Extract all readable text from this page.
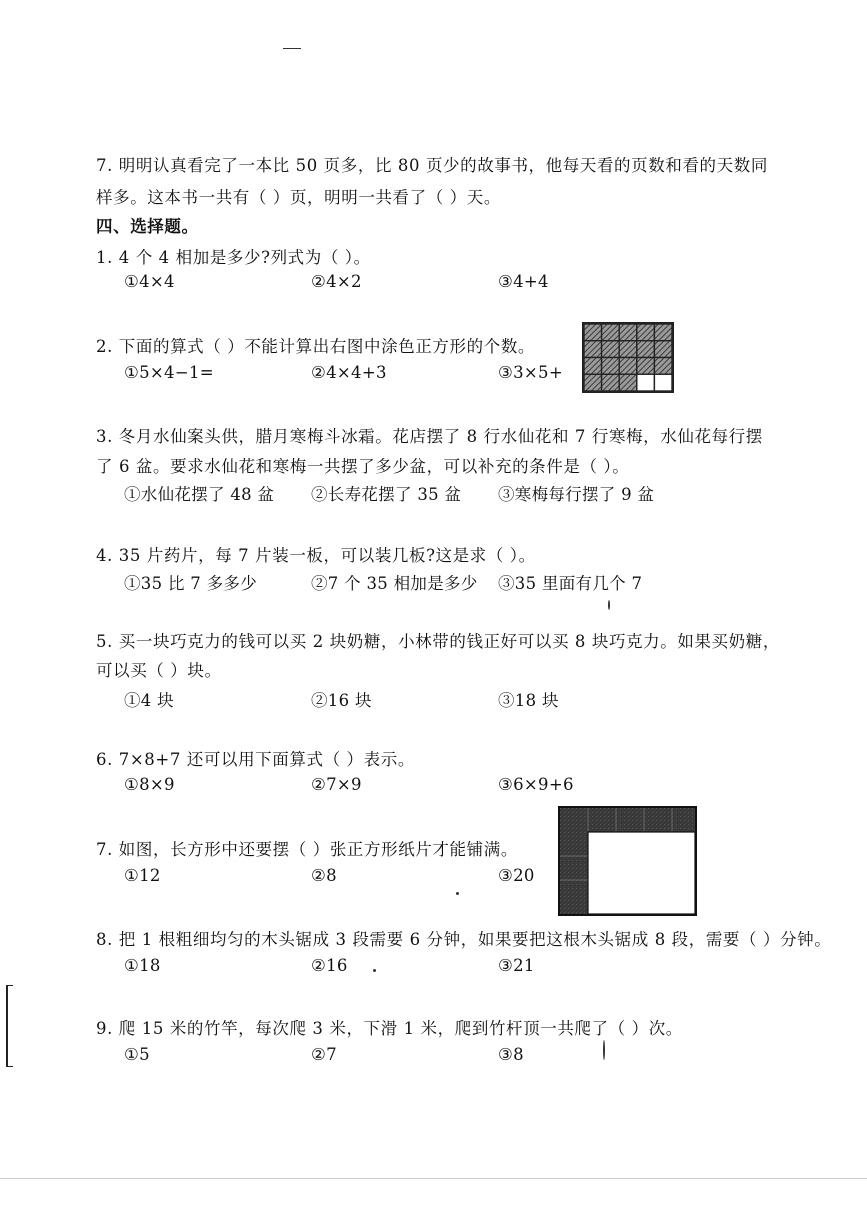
7. 明明认真看完了一本比 50 页多，比 80 页少的故事书，他每天看的页数和看的天数同
样多。这本书一共有（ ）页，明明一共看了（ ）天。
四、选择题。
1. 4 个 4 相加是多少?列式为（ ）。
①4×4	②4×2	③4+4
2. 下面的算式（ ）不能计算出右图中涂色正方形的个数。
①5×4−1=	②4×4+3	③3×5+
3. 冬月水仙案头供，腊月寒梅斗冰霜。花店摆了 8 行水仙花和 7 行寒梅，水仙花每行摆
了 6 盆。要求水仙花和寒梅一共摆了多少盆，可以补充的条件是（ ）。
①水仙花摆了 48 盆 ②长寿花摆了 35 盆 ③寒梅每行摆了 9 盆
4. 35 片药片，每 7 片装一板，可以装几板?这是求（ ）。
①35 比 7 多多少	②7 个 35 相加是多少 ③35 里面有几个 7
5. 买一块巧克力的钱可以买 2 块奶糖，小林带的钱正好可以买 8 块巧克力。如果买奶糖，
可以买（ ）块。
①4 块	②16 块	③18 块
6. 7×8+7 还可以用下面算式（ ）表示。
①8×9	②7×9	③6×9+6
7. 如图，长方形中还要摆（ ）张正方形纸片才能铺满。
①12	②8	③20
8. 把 1 根粗细均匀的木头锯成 3 段需要 6 分钟，如果要把这根木头锯成 8 段，需要（ ）分钟。
①18	②16	③21
9. 爬 15 米的竹竿，每次爬 3 米，下滑 1 米，爬到竹杆顶一共爬了（ ）次。
①5	②7	③8
